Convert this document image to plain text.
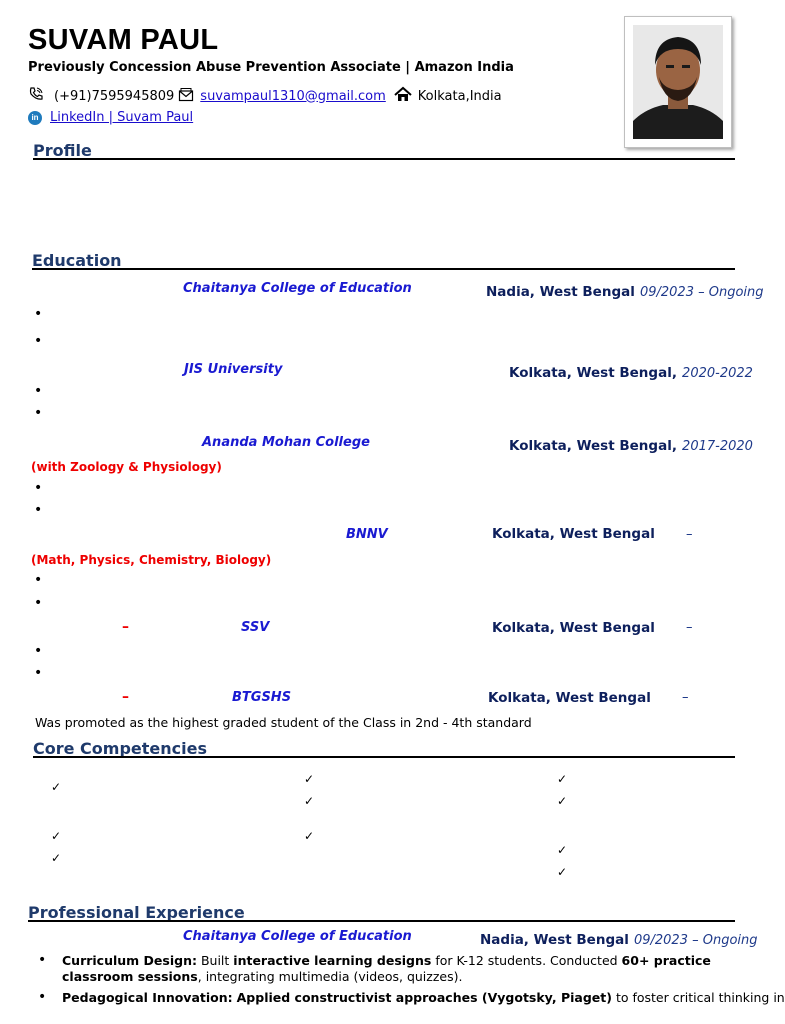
SUVAM PAUL
Previously Concession Abuse Prevention Associate | Amazon India
(+91)7595945809 suvampaul1310@gmail.com Kolkata,India
in LinkedIn | Suvam Paul
Profile
Education
Chaitanya College of Education	Nadia, West Bengal 09/2023 – Ongoing
•
•
JIS University	Kolkata, West Bengal, 2020-2022
•
•
Ananda Mohan College	Kolkata, West Bengal, 2017-2020
(with Zoology & Physiology)
•
•
BNNV	Kolkata, West Bengal –
(Math, Physics, Chemistry, Biology)
•
•
–	SSV	Kolkata, West Bengal –
•
•
–	BTGSHS	Kolkata, West Bengal –
Was promoted as the highest graded student of the Class in 2nd - 4th standard
Core Competencies
✓
✓
✓
✓
✓
✓
✓
✓
✓
✓
Professional Experience
Chaitanya College of Education	Nadia, West Bengal 09/2023 – Ongoing
• Curriculum Design: Built interactive learning designs for K-12 students. Conducted 60+ practice classroom sessions, integrating multimedia (videos, quizzes).
• Pedagogical Innovation: Applied constructivist approaches (Vygotsky, Piaget) to foster critical thinking in
